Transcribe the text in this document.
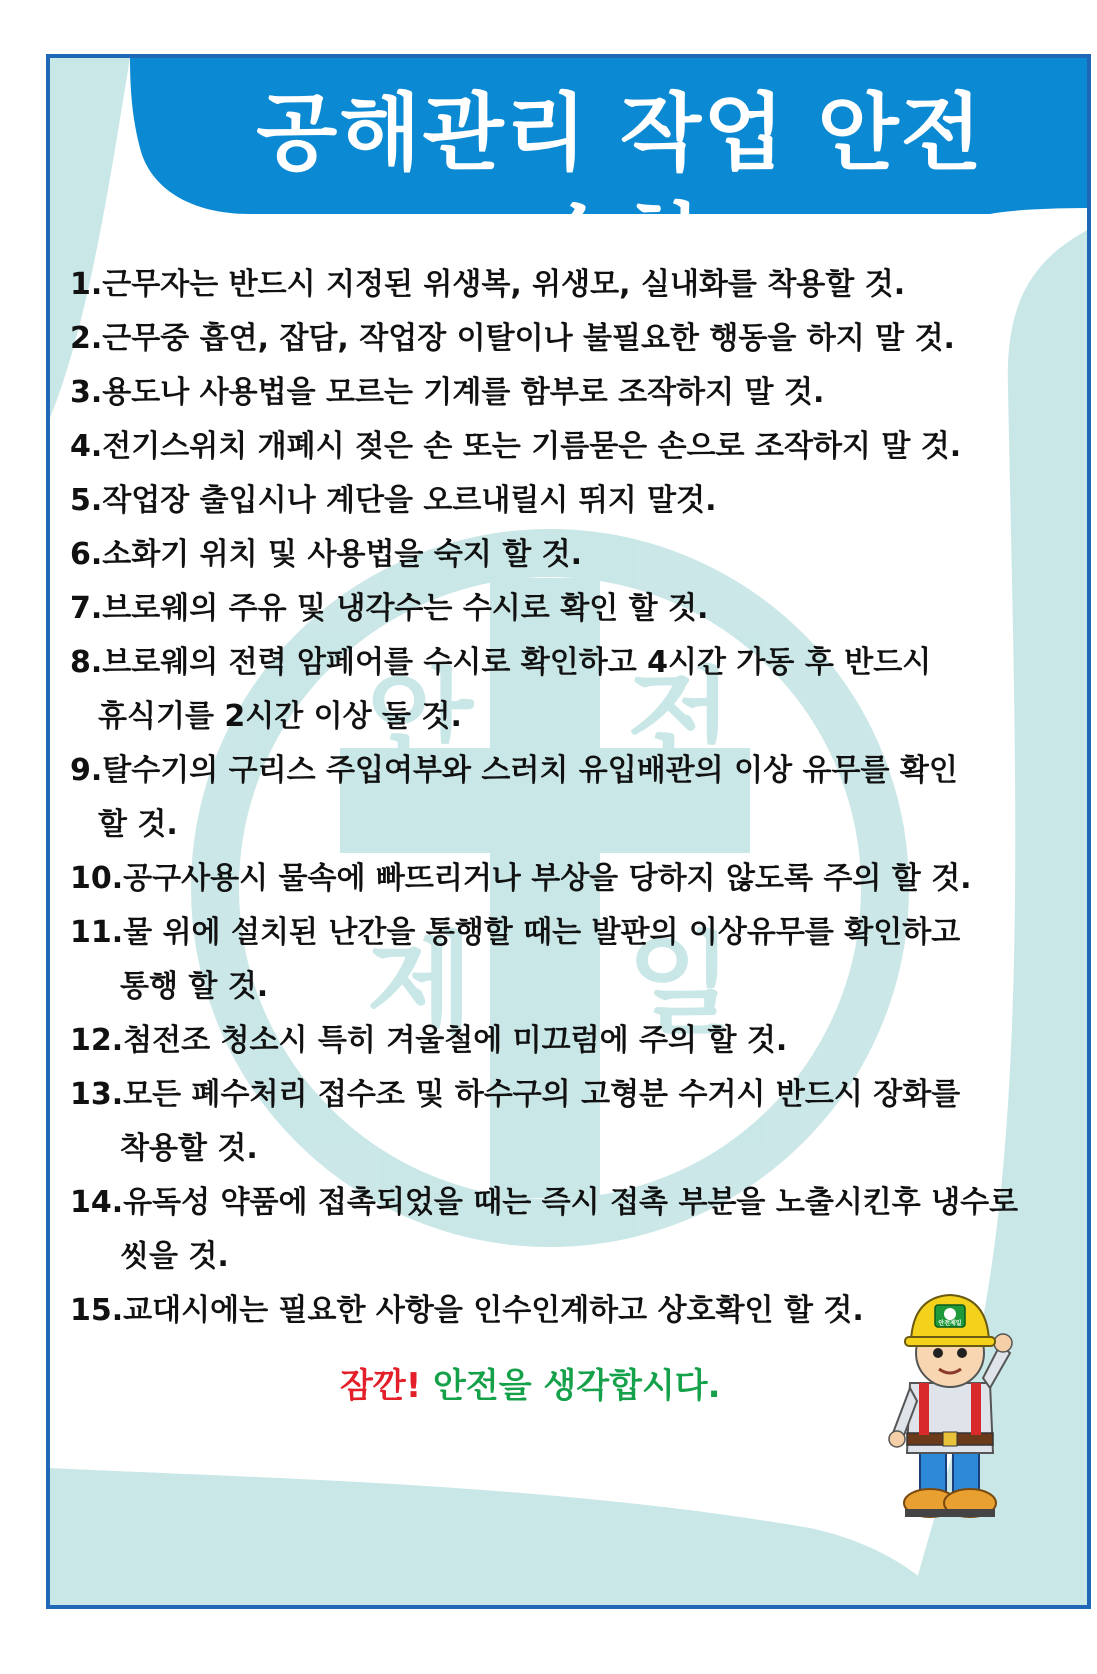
안 전
제 일
공해관리 작업 안전수칙
1.근무자는 반드시 지정된 위생복, 위생모, 실내화를 착용할 것.
2.근무중 흡연, 잡담, 작업장 이탈이나 불필요한 행동을 하지 말 것.
3.용도나 사용법을 모르는 기계를 함부로 조작하지 말 것.
4.전기스위치 개폐시 젖은 손 또는 기름묻은 손으로 조작하지 말 것.
5.작업장 출입시나 계단을 오르내릴시 뛰지 말것.
6.소화기 위치 및 사용법을 숙지 할 것.
7.브로웨의 주유 및 냉각수는 수시로 확인 할 것.
8.브로웨의 전력 암페어를 수시로 확인하고 4시간 가동 후 반드시
휴식기를 2시간 이상 둘 것.
9.탈수기의 구리스 주입여부와 스러치 유입배관의 이상 유무를 확인
할 것.
10.공구사용시 물속에 빠뜨리거나 부상을 당하지 않도록 주의 할 것.
11.물 위에 설치된 난간을 통행할 때는 발판의 이상유무를 확인하고
통행 할 것.
12.첨전조 청소시 특히 겨울철에 미끄럼에 주의 할 것.
13.모든 폐수처리 접수조 및 하수구의 고형분 수거시 반드시 장화를
착용할 것.
14.유독성 약품에 접촉되었을 때는 즉시 접촉 부분을 노출시킨후 냉수로
씻을 것.
15.교대시에는 필요한 사항을 인수인계하고 상호확인 할 것.
잠깐! 안전을 생각합시다.
안전제일
